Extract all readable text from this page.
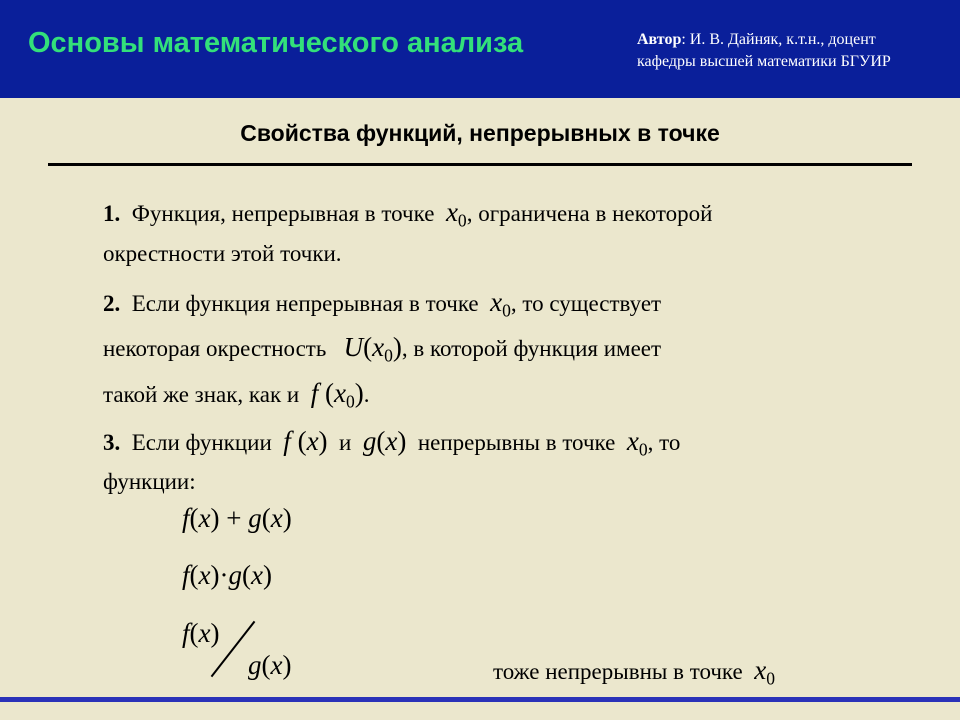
Основы математического анализа	Автор: И. В. Дайняк, к.т.н., доцент
кафедры высшей математики БГУИР
Свойства функций, непрерывных в точке
1. Функция, непрерывная в точке $x_0$, ограничена в некоторой
окрестности этой точки.
2. Если функция непрерывная в точке $x_0$, то существует
некоторая окрестность $U(x_0)$, в которой функция имеет
такой же знак, как и f $(x_0)$.
3. Если функции f (x) и g(x) непрерывны в точке $x_0$, то
функции:
f(x) + g(x)
f(x)·g(x)
f(x)
g(x)	тоже непрерывны в точке $x_0$
